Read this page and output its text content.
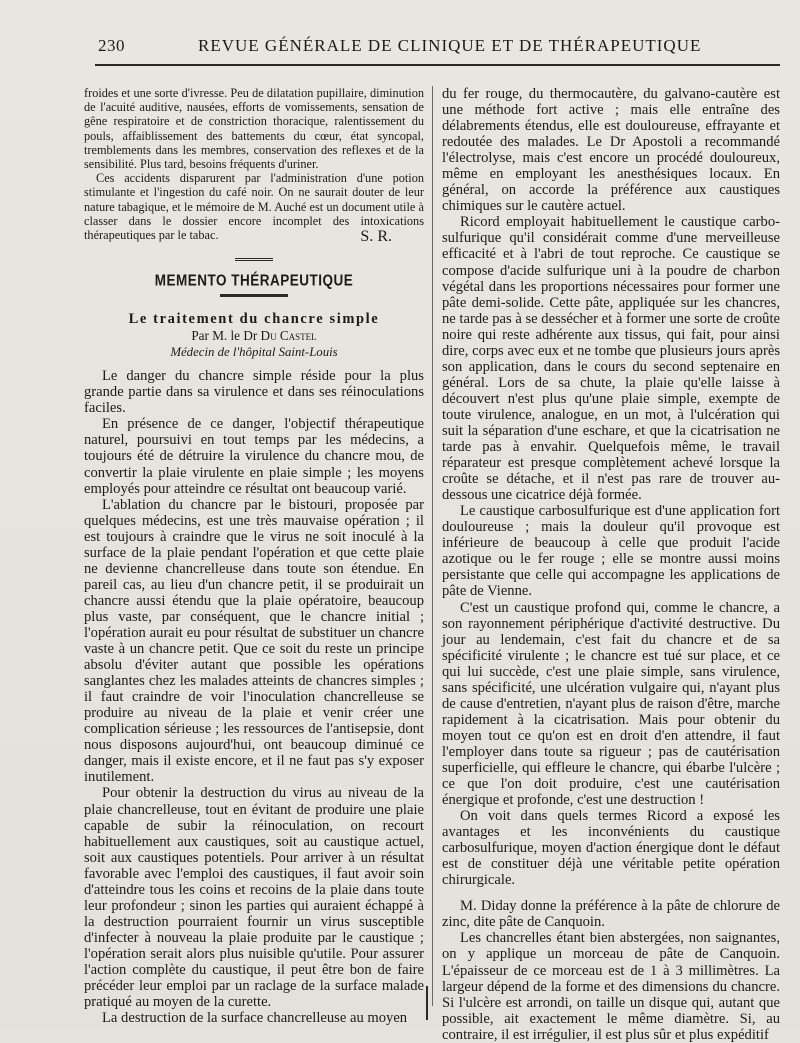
230	REVUE GÉNÉRALE DE CLINIQUE ET DE THÉRAPEUTIQUE

froides et une sorte d'ivresse. Peu de dilatation pupillaire, diminution de l'acuité auditive, nausées, efforts de vomissements, sensation de gêne respiratoire et de constriction thoracique, ralentissement du pouls, affaiblissement des battements du cœur, état syncopal, tremblements dans les membres, conservation des reflexes et de la sensibilité. Plus tard, besoins fréquents d'uriner.

Ces accidents disparurent par l'administration d'une potion stimulante et l'ingestion du café noir. On ne saurait douter de leur nature tabagique, et le mémoire de M. Auché est un document utile à classer dans le dossier encore incomplet des intoxications thérapeutiques par le tabac.	S. R.

MEMENTO THÉRAPEUTIQUE

Le traitement du chancre simple

Par M. le Dr Du Castel

Médecin de l'hôpital Saint-Louis

Le danger du chancre simple réside pour la plus grande partie dans sa virulence et dans ses réinoculations faciles.

En présence de ce danger, l'objectif thérapeutique naturel, poursuivi en tout temps par les médecins, a toujours été de détruire la virulence du chancre mou, de convertir la plaie virulente en plaie simple ; les moyens employés pour atteindre ce résultat ont beaucoup varié.

L'ablation du chancre par le bistouri, proposée par quelques médecins, est une très mauvaise opération ; il est toujours à craindre que le virus ne soit inoculé à la surface de la plaie pendant l'opération et que cette plaie ne devienne chancrelleuse dans toute son étendue. En pareil cas, au lieu d'un chancre petit, il se produirait un chancre aussi étendu que la plaie opératoire, beaucoup plus vaste, par conséquent, que le chancre initial ; l'opération aurait eu pour résultat de substituer un chancre vaste à un chancre petit. Que ce soit du reste un principe absolu d'éviter autant que possible les opérations sanglantes chez les malades atteints de chancres simples ; il faut craindre de voir l'inoculation chancrelleuse se produire au niveau de la plaie et venir créer une complication sérieuse ; les ressources de l'antisepsie, dont nous disposons aujourd'hui, ont beaucoup diminué ce danger, mais il existe encore, et il ne faut pas s'y exposer inutilement.

Pour obtenir la destruction du virus au niveau de la plaie chancrelleuse, tout en évitant de produire une plaie capable de subir la réinoculation, on recourt habituellement aux caustiques, soit au caustique actuel, soit aux caustiques potentiels. Pour arriver à un résultat favorable avec l'emploi des caustiques, il faut avoir soin d'atteindre tous les coins et recoins de la plaie dans toute leur profondeur ; sinon les parties qui auraient échappé à la destruction pourraient fournir un virus susceptible d'infecter à nouveau la plaie produite par le caustique ; l'opération serait alors plus nuisible qu'utile. Pour assurer l'action complète du caustique, il peut être bon de faire précéder leur emploi par un raclage de la surface malade pratiqué au moyen de la curette.

La destruction de la surface chancrelleuse au moyen

du fer rouge, du thermocautère, du galvano-cautère est une méthode fort active ; mais elle entraîne des délabrements étendus, elle est douloureuse, effrayante et redoutée des malades. Le Dr Apostoli a recommandé l'électrolyse, mais c'est encore un procédé douloureux, même en employant les anesthésiques locaux. En général, on accorde la préférence aux caustiques chimiques sur le cautère actuel.

Ricord employait habituellement le caustique carbo-sulfurique qu'il considérait comme d'une merveilleuse efficacité et à l'abri de tout reproche. Ce caustique se compose d'acide sulfurique uni à la poudre de charbon végétal dans les proportions nécessaires pour former une pâte demi-solide. Cette pâte, appliquée sur les chancres, ne tarde pas à se dessécher et à former une sorte de croûte noire qui reste adhérente aux tissus, qui fait, pour ainsi dire, corps avec eux et ne tombe que plusieurs jours après son application, dans le cours du second septenaire en général. Lors de sa chute, la plaie qu'elle laisse à découvert n'est plus qu'une plaie simple, exempte de toute virulence, analogue, en un mot, à l'ulcération qui suit la séparation d'une eschare, et que la cicatrisation ne tarde pas à envahir. Quelquefois même, le travail réparateur est presque complètement achevé lorsque la croûte se détache, et il n'est pas rare de trouver au-dessous une cicatrice déjà formée.

Le caustique carbosulfurique est d'une application fort douloureuse ; mais la douleur qu'il provoque est inférieure de beaucoup à celle que produit l'acide azotique ou le fer rouge ; elle se montre aussi moins persistante que celle qui accompagne les applications de pâte de Vienne.

C'est un caustique profond qui, comme le chancre, a son rayonnement périphérique d'activité destructive. Du jour au lendemain, c'est fait du chancre et de sa spécificité virulente ; le chancre est tué sur place, et ce qui lui succède, c'est une plaie simple, sans virulence, sans spécificité, une ulcération vulgaire qui, n'ayant plus de cause d'entretien, n'ayant plus de raison d'être, marche rapidement à la cicatrisation. Mais pour obtenir du moyen tout ce qu'on est en droit d'en attendre, il faut l'employer dans toute sa rigueur ; pas de cautérisation superficielle, qui effleure le chancre, qui ébarbe l'ulcère ; ce que l'on doit produire, c'est une cautérisation énergique et profonde, c'est une destruction !

On voit dans quels termes Ricord a exposé les avantages et les inconvénients du caustique carbosulfurique, moyen d'action énergique dont le défaut est de constituer déjà une véritable petite opération chirurgicale.

M. Diday donne la préférence à la pâte de chlorure de zinc, dite pâte de Canquoin.

Les chancrelles étant bien abstergées, non saignantes, on y applique un morceau de pâte de Canquoin. L'épaisseur de ce morceau est de 1 à 3 millimètres. La largeur dépend de la forme et des dimensions du chancre. Si l'ulcère est arrondi, on taille un disque qui, autant que possible, ait exactement le même diamètre. Si, au contraire, il est irrégulier, il est plus sûr et plus expéditif
